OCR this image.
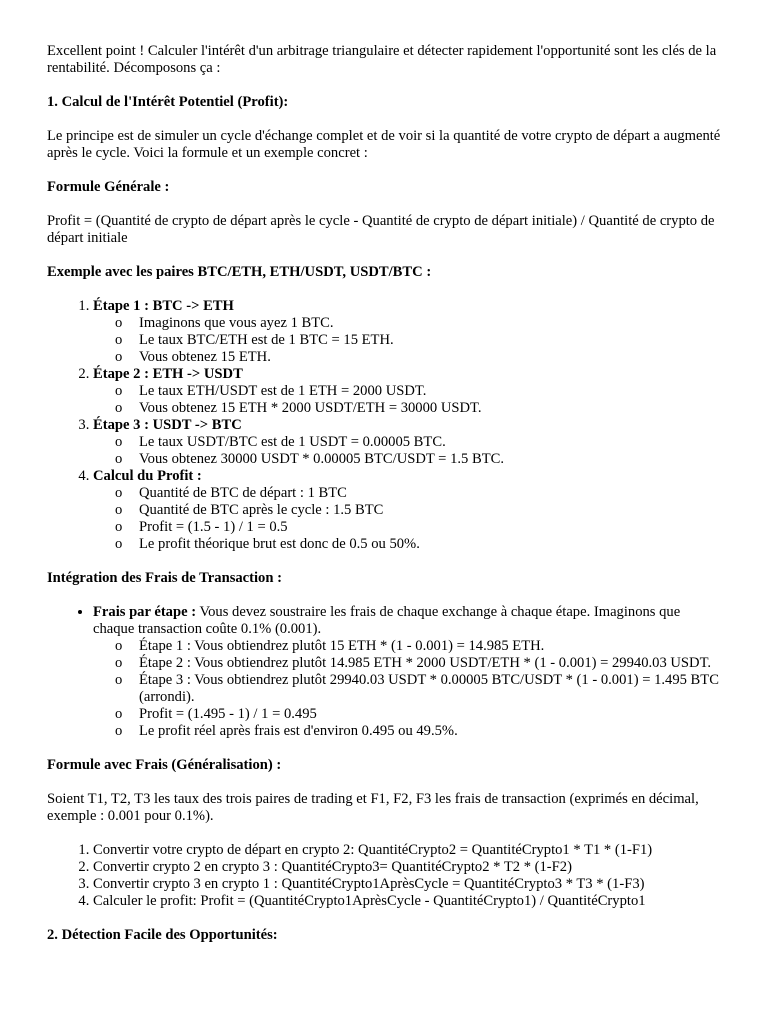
Excellent point ! Calculer l'intérêt d'un arbitrage triangulaire et détecter rapidement l'opportunité sont les clés de la rentabilité. Décomposons ça :

1. Calcul de l'Intérêt Potentiel (Profit):

Le principe est de simuler un cycle d'échange complet et de voir si la quantité de votre crypto de départ a augmenté après le cycle. Voici la formule et un exemple concret :

Formule Générale :

Profit = (Quantité de crypto de départ après le cycle - Quantité de crypto de départ initiale) / Quantité de crypto de départ initiale

Exemple avec les paires BTC/ETH, ETH/USDT, USDT/BTC :
1. Étape 1 : BTC -> ETH
o Imaginons que vous ayez 1 BTC.
o Le taux BTC/ETH est de 1 BTC = 15 ETH.
o Vous obtenez 15 ETH.
2. Étape 2 : ETH -> USDT
o Le taux ETH/USDT est de 1 ETH = 2000 USDT.
o Vous obtenez 15 ETH * 2000 USDT/ETH = 30000 USDT.
3. Étape 3 : USDT -> BTC
o Le taux USDT/BTC est de 1 USDT = 0.00005 BTC.
o Vous obtenez 30000 USDT * 0.00005 BTC/USDT = 1.5 BTC.
4. Calcul du Profit :
o Quantité de BTC de départ : 1 BTC
o Quantité de BTC après le cycle : 1.5 BTC
o Profit = (1.5 - 1) / 1 = 0.5
o Le profit théorique brut est donc de 0.5 ou 50%.
Intégration des Frais de Transaction :
• Frais par étape : Vous devez soustraire les frais de chaque exchange à chaque étape. Imaginons que chaque transaction coûte 0.1% (0.001).
o Étape 1 : Vous obtiendrez plutôt 15 ETH * (1 - 0.001) = 14.985 ETH.
o Étape 2 : Vous obtiendrez plutôt 14.985 ETH * 2000 USDT/ETH * (1 - 0.001) = 29940.03 USDT.
o Étape 3 : Vous obtiendrez plutôt 29940.03 USDT * 0.00005 BTC/USDT * (1 - 0.001) = 1.495 BTC (arrondi).
o Profit = (1.495 - 1) / 1 = 0.495
o Le profit réel après frais est d'environ 0.495 ou 49.5%.
Formule avec Frais (Généralisation) :

Soient T1, T2, T3 les taux des trois paires de trading et F1, F2, F3 les frais de transaction (exprimés en décimal, exemple : 0.001 pour 0.1%).

1. Convertir votre crypto de départ en crypto 2: QuantitéCrypto2 = QuantitéCrypto1 * T1 * (1-F1)
2. Convertir crypto 2 en crypto 3 : QuantitéCrypto3= QuantitéCrypto2 * T2 * (1-F2)
3. Convertir crypto 3 en crypto 1 : QuantitéCrypto1AprèsCycle = QuantitéCrypto3 * T3 * (1-F3)
4. Calculer le profit: Profit = (QuantitéCrypto1AprèsCycle - QuantitéCrypto1) / QuantitéCrypto1
2. Détection Facile des Opportunités:
